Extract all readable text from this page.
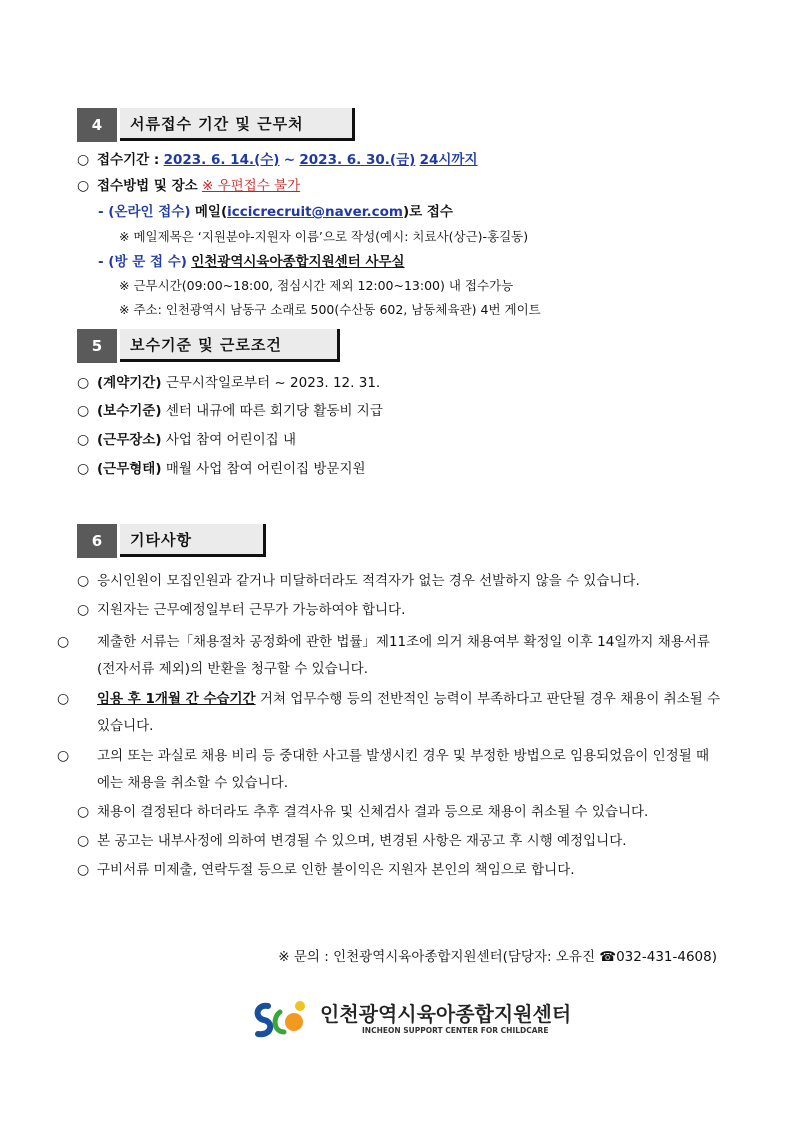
4	서류접수 기간 및 근무처
○ 접수기간 : 2023. 6. 14.(수) ~ 2023. 6. 30.(금) 24시까지
○ 접수방법 및 장소 ※ 우편접수 불가
- (온라인 접수) 메일(iccicrecruit@naver.com)로 접수
※ 메일제목은 ‘지원분야-지원자 이름’으로 작성(예시: 치료사(상근)-홍길동)
- (방 문 접 수) 인천광역시육아종합지원센터 사무실
※ 근무시간(09:00~18:00, 점심시간 제외 12:00~13:00) 내 접수가능
※ 주소: 인천광역시 남동구 소래로 500(수산동 602, 남동체육관) 4번 게이트
5	보수기준 및 근로조건
○ (계약기간) 근무시작일로부터 ~ 2023. 12. 31.
○ (보수기준) 센터 내규에 따른 회기당 활동비 지급
○ (근무장소) 사업 참여 어린이집 내
○ (근무형태) 매월 사업 참여 어린이집 방문지원
6	기타사항
○ 응시인원이 모집인원과 같거나 미달하더라도 적격자가 없는 경우 선발하지 않을 수 있습니다.
○ 지원자는 근무예정일부터 근무가 가능하여야 합니다.
○ 제출한 서류는「채용절차 공정화에 관한 법률」제11조에 의거 채용여부 확정일 이후 14일까지 채용서류(전자서류 제외)의 반환을 청구할 수 있습니다.
○ 임용 후 1개월 간 수습기간 거쳐 업무수행 등의 전반적인 능력이 부족하다고 판단될 경우 채용이 취소될 수 있습니다.
○ 고의 또는 과실로 채용 비리 등 중대한 사고를 발생시킨 경우 및 부정한 방법으로 임용되었음이 인정될 때에는 채용을 취소할 수 있습니다.
○ 채용이 결정된다 하더라도 추후 결격사유 및 신체검사 결과 등으로 채용이 취소될 수 있습니다.
○ 본 공고는 내부사정에 의하여 변경될 수 있으며, 변경된 사항은 재공고 후 시행 예정입니다.
○ 구비서류 미제출, 연락두절 등으로 인한 불이익은 지원자 본인의 책임으로 합니다.
※ 문의 : 인천광역시육아종합지원센터(담당자: 오유진 ☎032-431-4608)
인천광역시육아종합지원센터
INCHEON SUPPORT CENTER FOR CHILDCARE
